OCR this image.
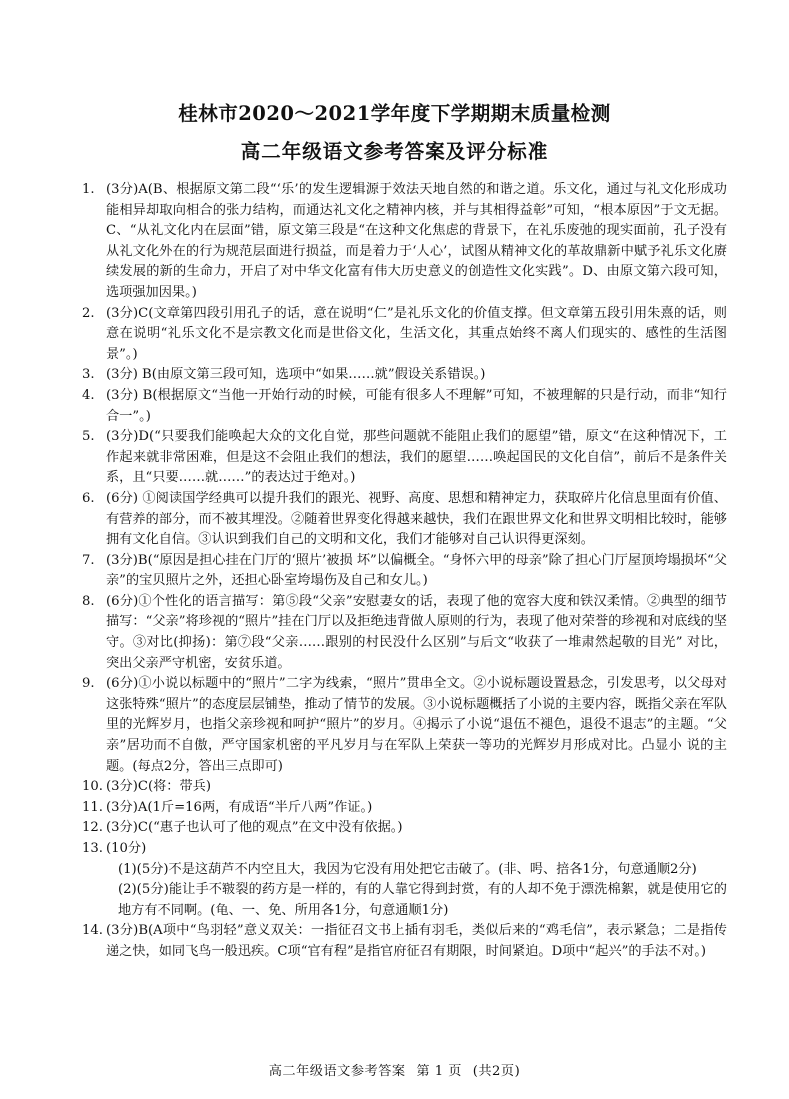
桂林市2020～2021学年度下学期期末质量检测
高二年级语文参考答案及评分标准
1. (3分)A(B、根据原文第二段“‘乐’的发生逻辑源于效法天地自然的和谐之道。乐文化，通过与礼文化形成功能相异却取向相合的张力结构，而通达礼文化之精神内核，并与其相得益彰”可知，“根本原因”于文无据。C、“从礼文化内在层面”错，原文第三段是“在这种文化焦虑的背景下，在礼乐废弛的现实面前，孔子没有从礼文化外在的行为规范层面进行损益，而是着力于‘人心’，试图从精神文化的革故鼎新中赋予礼乐文化赓续发展的新的生命力，开启了对中华文化富有伟大历史意义的创造性文化实践”。D、由原文第六段可知，选项强加因果。)
2. (3分)C(文章第四段引用孔子的话，意在说明“仁”是礼乐文化的价值支撑。但文章第五段引用朱熹的话，则意在说明“礼乐文化不是宗教文化而是世俗文化，生活文化，其重点始终不离人们现实的、感性的生活图景”。)
3. (3分) B(由原文第三段可知，选项中“如果……就”假设关系错误。)
4. (3分) B(根据原文“当他一开始行动的时候，可能有很多人不理解”可知，不被理解的只是行动，而非“知行合一”。)
5. (3分)D(“只要我们能唤起大众的文化自觉，那些问题就不能阻止我们的愿望”错，原文“在这种情况下，工作起来就非常困难，但是这不会阻止我们的想法，我们的愿望……唤起国民的文化自信”，前后不是条件关系，且“只要……就……”的表达过于绝对。)
6. (6分) ①阅读国学经典可以提升我们的跟光、视野、高度、思想和精神定力，获取碎片化信息里面有价值、有营养的部分，而不被其埋没。②随着世界变化得越来越快，我们在跟世界文化和世界文明相比较时，能够拥有文化自信。③认识到我们自己的文明和文化，我们才能够对自己认识得更深刻。
7. (3分)B(“原因是担心挂在门厅的‘照片’被损 坏”以偏概全。“身怀六甲的母亲”除了担心门厅屋顶垮塌损坏“父亲”的宝贝照片之外，还担心卧室垮塌伤及自己和女儿。)
8. (6分)①个性化的语言描写：第⑤段“父亲”安慰妻女的话，表现了他的宽容大度和铁汉柔情。②典型的细节描写：“父亲”将珍视的“照片”挂在门厅以及拒绝违背做人原则的行为，表现了他对荣誉的珍视和对底线的坚守。③对比(抑扬)：第⑦段“父亲……跟别的村民没什么区别”与后文“收获了一堆肃然起敬的目光” 对比，突出父亲严守机密，安贫乐道。
9. (6分)①小说以标题中的“照片”二字为线索，“照片”贯串全文。②小说标题设置悬念，引发思考，以父母对这张特殊“照片”的态度层层铺垫，推动了情节的发展。③小说标题概括了小说的主要内容，既指父亲在军队里的光辉岁月，也指父亲珍视和呵护“照片”的岁月。④揭示了小说“退伍不褪色，退役不退志”的主题。“父亲”居功而不自傲，严守国家机密的平凡岁月与在军队上荣获一等功的光辉岁月形成对比。凸显小 说的主题。(每点2分，答出三点即可)
10. (3分)C(将：带兵)
11. (3分)A(1斤=16两，有成语“半斤八两”作证。)
12. (3分)C(“惠子也认可了他的观点”在文中没有依据。)
13. (10分)
(1)(5分)不是这葫芦不内空且大，我因为它没有用处把它击破了。(非、呺、掊各1分，句意通顺2分)
(2)(5分)能让手不皲裂的药方是一样的，有的人靠它得到封赏，有的人却不免于漂洗棉絮，就是使用它的地方有不同啊。(龟、一、免、所用各1分，句意通顺1分)
14. (3分)B(A项中“鸟羽轻”意义双关：一指征召文书上插有羽毛，类似后来的“鸡毛信”，表示紧急；二是指传递之快，如同飞鸟一般迅疾。C项“官有程”是指官府征召有期限，时间紧迫。D项中“起兴”的手法不对。)
高二年级语文参考答案 第 1 页 (共2页)
